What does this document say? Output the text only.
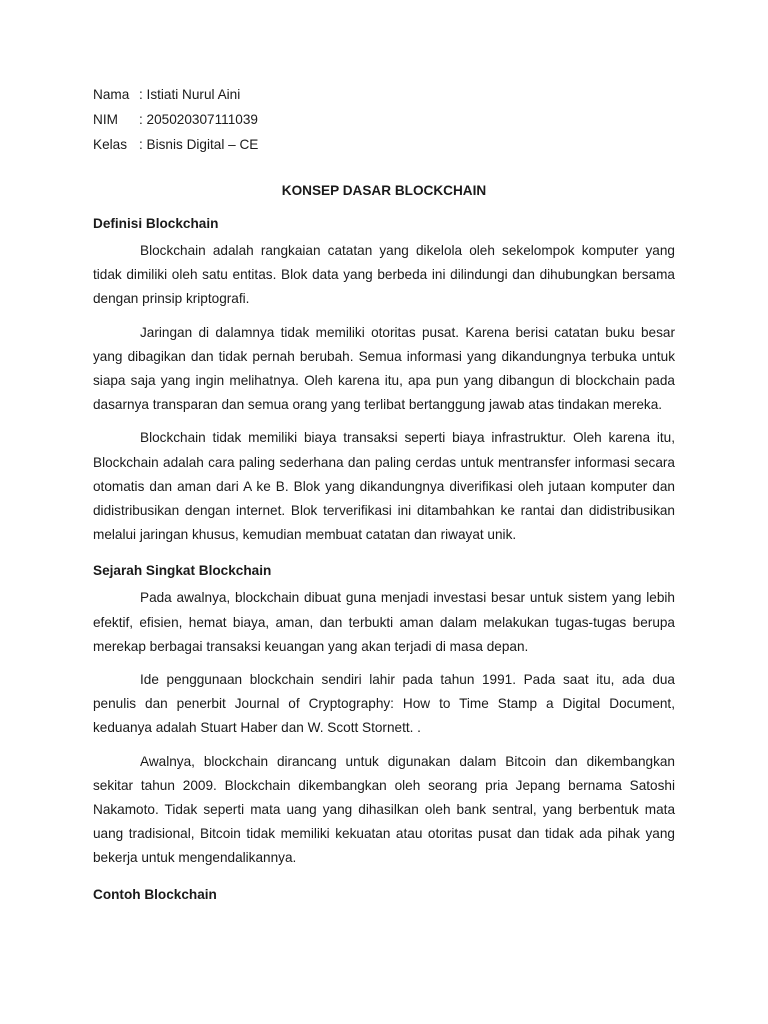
Nama	: Istiati Nurul Aini
NIM	: 205020307111039
Kelas	: Bisnis Digital – CE
KONSEP DASAR BLOCKCHAIN
Definisi Blockchain

Blockchain adalah rangkaian catatan yang dikelola oleh sekelompok komputer yang tidak dimiliki oleh satu entitas. Blok data yang berbeda ini dilindungi dan dihubungkan bersama dengan prinsip kriptografi.

Jaringan di dalamnya tidak memiliki otoritas pusat. Karena berisi catatan buku besar yang dibagikan dan tidak pernah berubah. Semua informasi yang dikandungnya terbuka untuk siapa saja yang ingin melihatnya. Oleh karena itu, apa pun yang dibangun di blockchain pada dasarnya transparan dan semua orang yang terlibat bertanggung jawab atas tindakan mereka.

Blockchain tidak memiliki biaya transaksi seperti biaya infrastruktur. Oleh karena itu, Blockchain adalah cara paling sederhana dan paling cerdas untuk mentransfer informasi secara otomatis dan aman dari A ke B. Blok yang dikandungnya diverifikasi oleh jutaan komputer dan didistribusikan dengan internet. Blok terverifikasi ini ditambahkan ke rantai dan didistribusikan melalui jaringan khusus, kemudian membuat catatan dan riwayat unik.

Sejarah Singkat Blockchain

Pada awalnya, blockchain dibuat guna menjadi investasi besar untuk sistem yang lebih efektif, efisien, hemat biaya, aman, dan terbukti aman dalam melakukan tugas-tugas berupa merekap berbagai transaksi keuangan yang akan terjadi di masa depan.

Ide penggunaan blockchain sendiri lahir pada tahun 1991. Pada saat itu, ada dua penulis dan penerbit Journal of Cryptography: How to Time Stamp a Digital Document, keduanya adalah Stuart Haber dan W. Scott Stornett. .

Awalnya, blockchain dirancang untuk digunakan dalam Bitcoin dan dikembangkan sekitar tahun 2009. Blockchain dikembangkan oleh seorang pria Jepang bernama Satoshi Nakamoto. Tidak seperti mata uang yang dihasilkan oleh bank sentral, yang berbentuk mata uang tradisional, Bitcoin tidak memiliki kekuatan atau otoritas pusat dan tidak ada pihak yang bekerja untuk mengendalikannya.

Contoh Blockchain
